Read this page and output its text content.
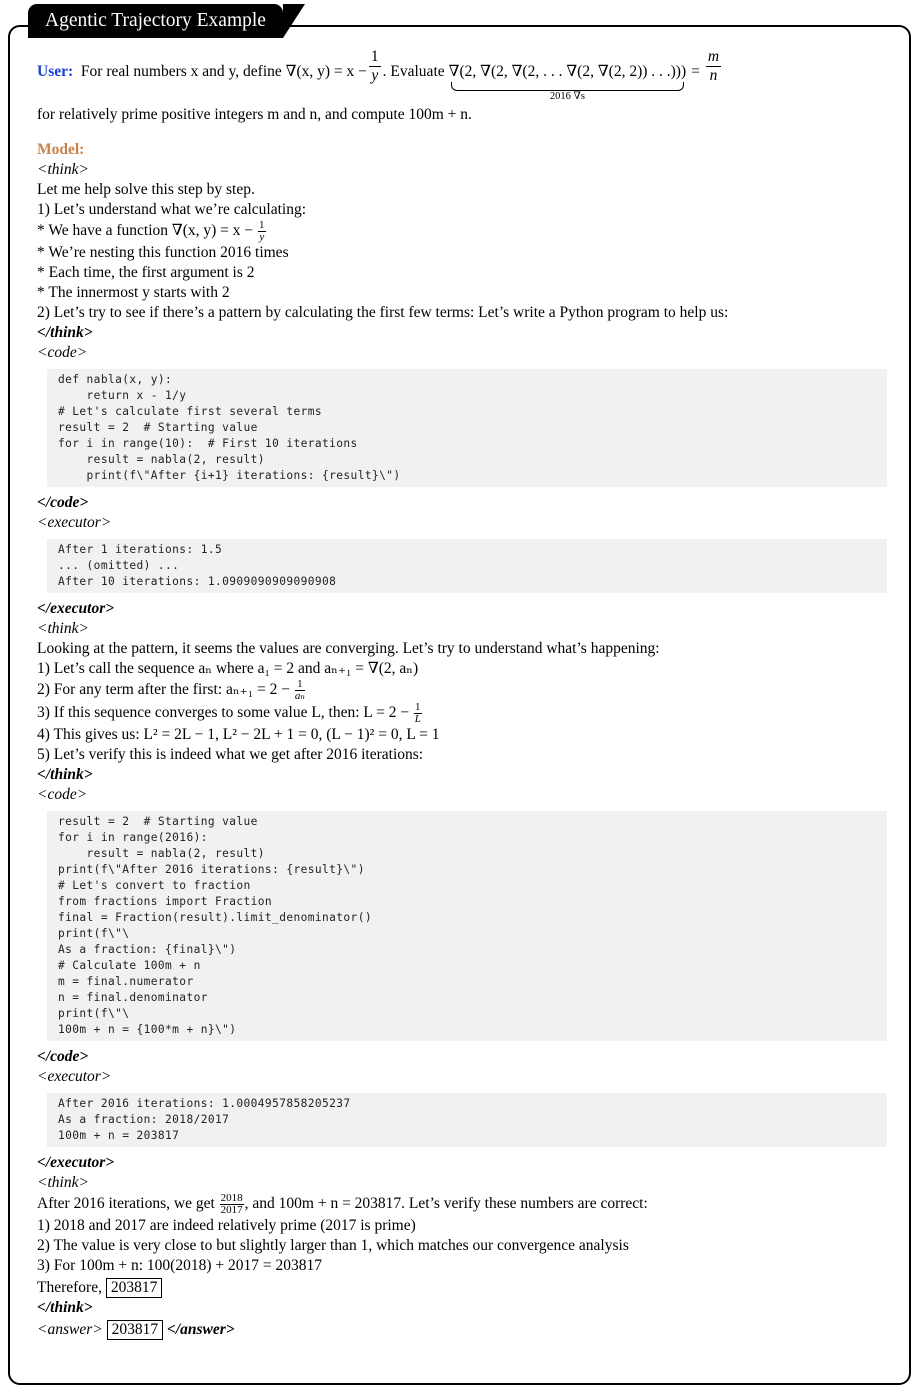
Agentic Trajectory Example
User: For real numbers x and y, define ∇(x, $y) = x - \frac{1}{y}$ . Evaluate ∇(2, ∇(2, ∇(2, . . . ∇(2, ∇(2, 2)) . . .)))
2016 ∇s
= $\frac{m}{n}$
for relatively prime positive integers m and n, and compute 100m + n.
Model:
<think>
Let me help solve this step by step.
1) Let’s understand what we’re calculating:
* We have a function ∇(x, $y) = x - \frac{1}{y}$
* We’re nesting this function 2016 times
* Each time, the first argument is 2
* The innermost y starts with 2
2) Let’s try to see if there’s a pattern by calculating the first few terms: Let’s write a Python program to help us:
</think>
<code>
def nabla(x, y):
return x - 1/y
# Let's calculate first several terms
result = 2  # Starting value
for i in range(10):  # First 10 iterations
result = nabla(2, result)
print(f\"After {i+1} iterations: {result}\")
</code>
<executor>
After 1 iterations: 1.5
... (omitted) ...
After 10 iterations: 1.0909090909090908
</executor>
<think>
Looking at the pattern, it seems the values are converging. Let’s try to understand what’s happening:
1) Let’s call the sequence aₙ where a₁ = 2 and aₙ₊₁ = ∇(2, aₙ)
2) For any term after the first: $a_{n+1} = 2 - \frac{1}{\text{aₙ}}$
3) If this sequence converges to some value L, then: $L = 2 - \frac{1}{L}$
4) This gives us: L² = 2L − 1, L² − 2L + 1 = 0, (L − 1)² = 0, L = 1
5) Let’s verify this is indeed what we get after 2016 iterations:
</think>
<code>
result = 2  # Starting value
for i in range(2016):
result = nabla(2, result)
print(f\"After 2016 iterations: {result}\")
# Let's convert to fraction
from fractions import Fraction
final = Fraction(result).limit_denominator()
print(f\"\
As a fraction: {final}\")
# Calculate 100m + n
m = final.numerator
n = final.denominator
print(f\"\
100m + n = {100*m + n}\")
</code>
<executor>
After 2016 iterations: 1.0004957858205237
As a fraction: 2018/2017
100m + n = 203817
</executor>
<think>
After 2016 iterations, we get $\frac{2018}{2017}$ , and 100m + n = 203817. Let’s verify these numbers are correct:
1) 2018 and 2017 are indeed relatively prime (2017 is prime)
2) The value is very close to but slightly larger than 1, which matches our convergence analysis
3) For 100m + n: 100(2018) + 2017 = 203817
Therefore, 203817
</think>
<answer> 203817 </answer>
